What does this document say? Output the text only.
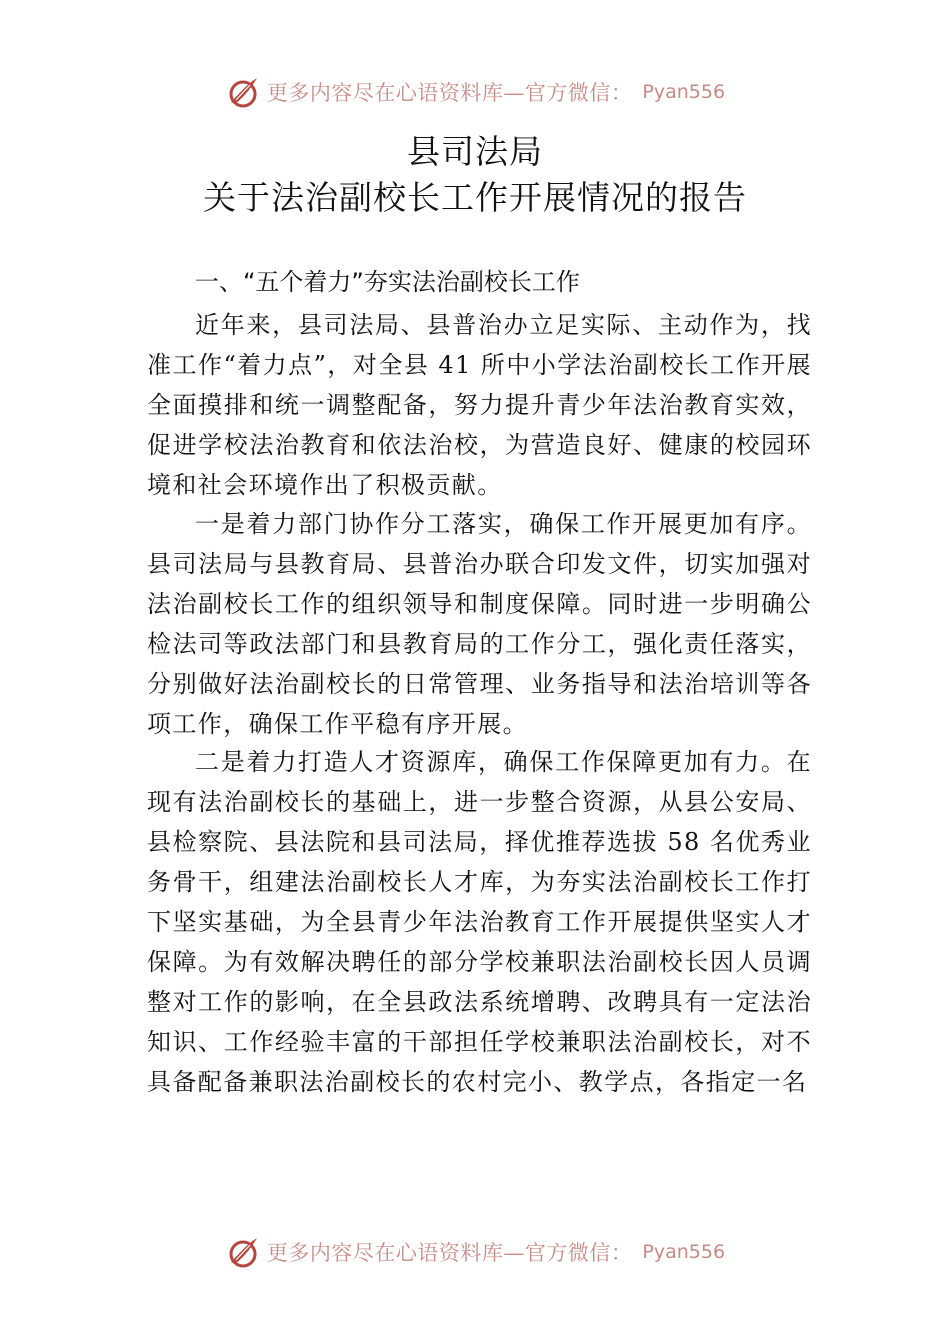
更多内容尽在心语资料库—官方微信： Pyan556
县司法局
关于法治副校长工作开展情况的报告
一、“五个着力”夯实法治副校长工作

近年来，县司法局、县普治办立足实际、主动作为，找准工作“着力点”，对全县 41 所中小学法治副校长工作开展全面摸排和统一调整配备，努力提升青少年法治教育实效，促进学校法治教育和依法治校，为营造良好、健康的校园环境和社会环境作出了积极贡献。

一是着力部门协作分工落实，确保工作开展更加有序。县司法局与县教育局、县普治办联合印发文件，切实加强对法治副校长工作的组织领导和制度保障。同时进一步明确公检法司等政法部门和县教育局的工作分工，强化责任落实， 分别做好法治副校长的日常管理、业务指导和法治培训等各项工作，确保工作平稳有序开展。

二是着力打造人才资源库，确保工作保障更加有力。在现有法治副校长的基础上，进一步整合资源，从县公安局、县检察院、县法院和县司法局，择优推荐选拔 58 名优秀业务骨干，组建法治副校长人才库，为夯实法治副校长工作打下坚实基础，为全县青少年法治教育工作开展提供坚实人才保障。为有效解决聘任的部分学校兼职法治副校长因人员调整对工作的影响，在全县政法系统增聘、改聘具有一定法治知识、工作经验丰富的干部担任学校兼职法治副校长，对不具备配备兼职法治副校长的农村完小、教学点，各指定一名

更多内容尽在心语资料库—官方微信： Pyan556
